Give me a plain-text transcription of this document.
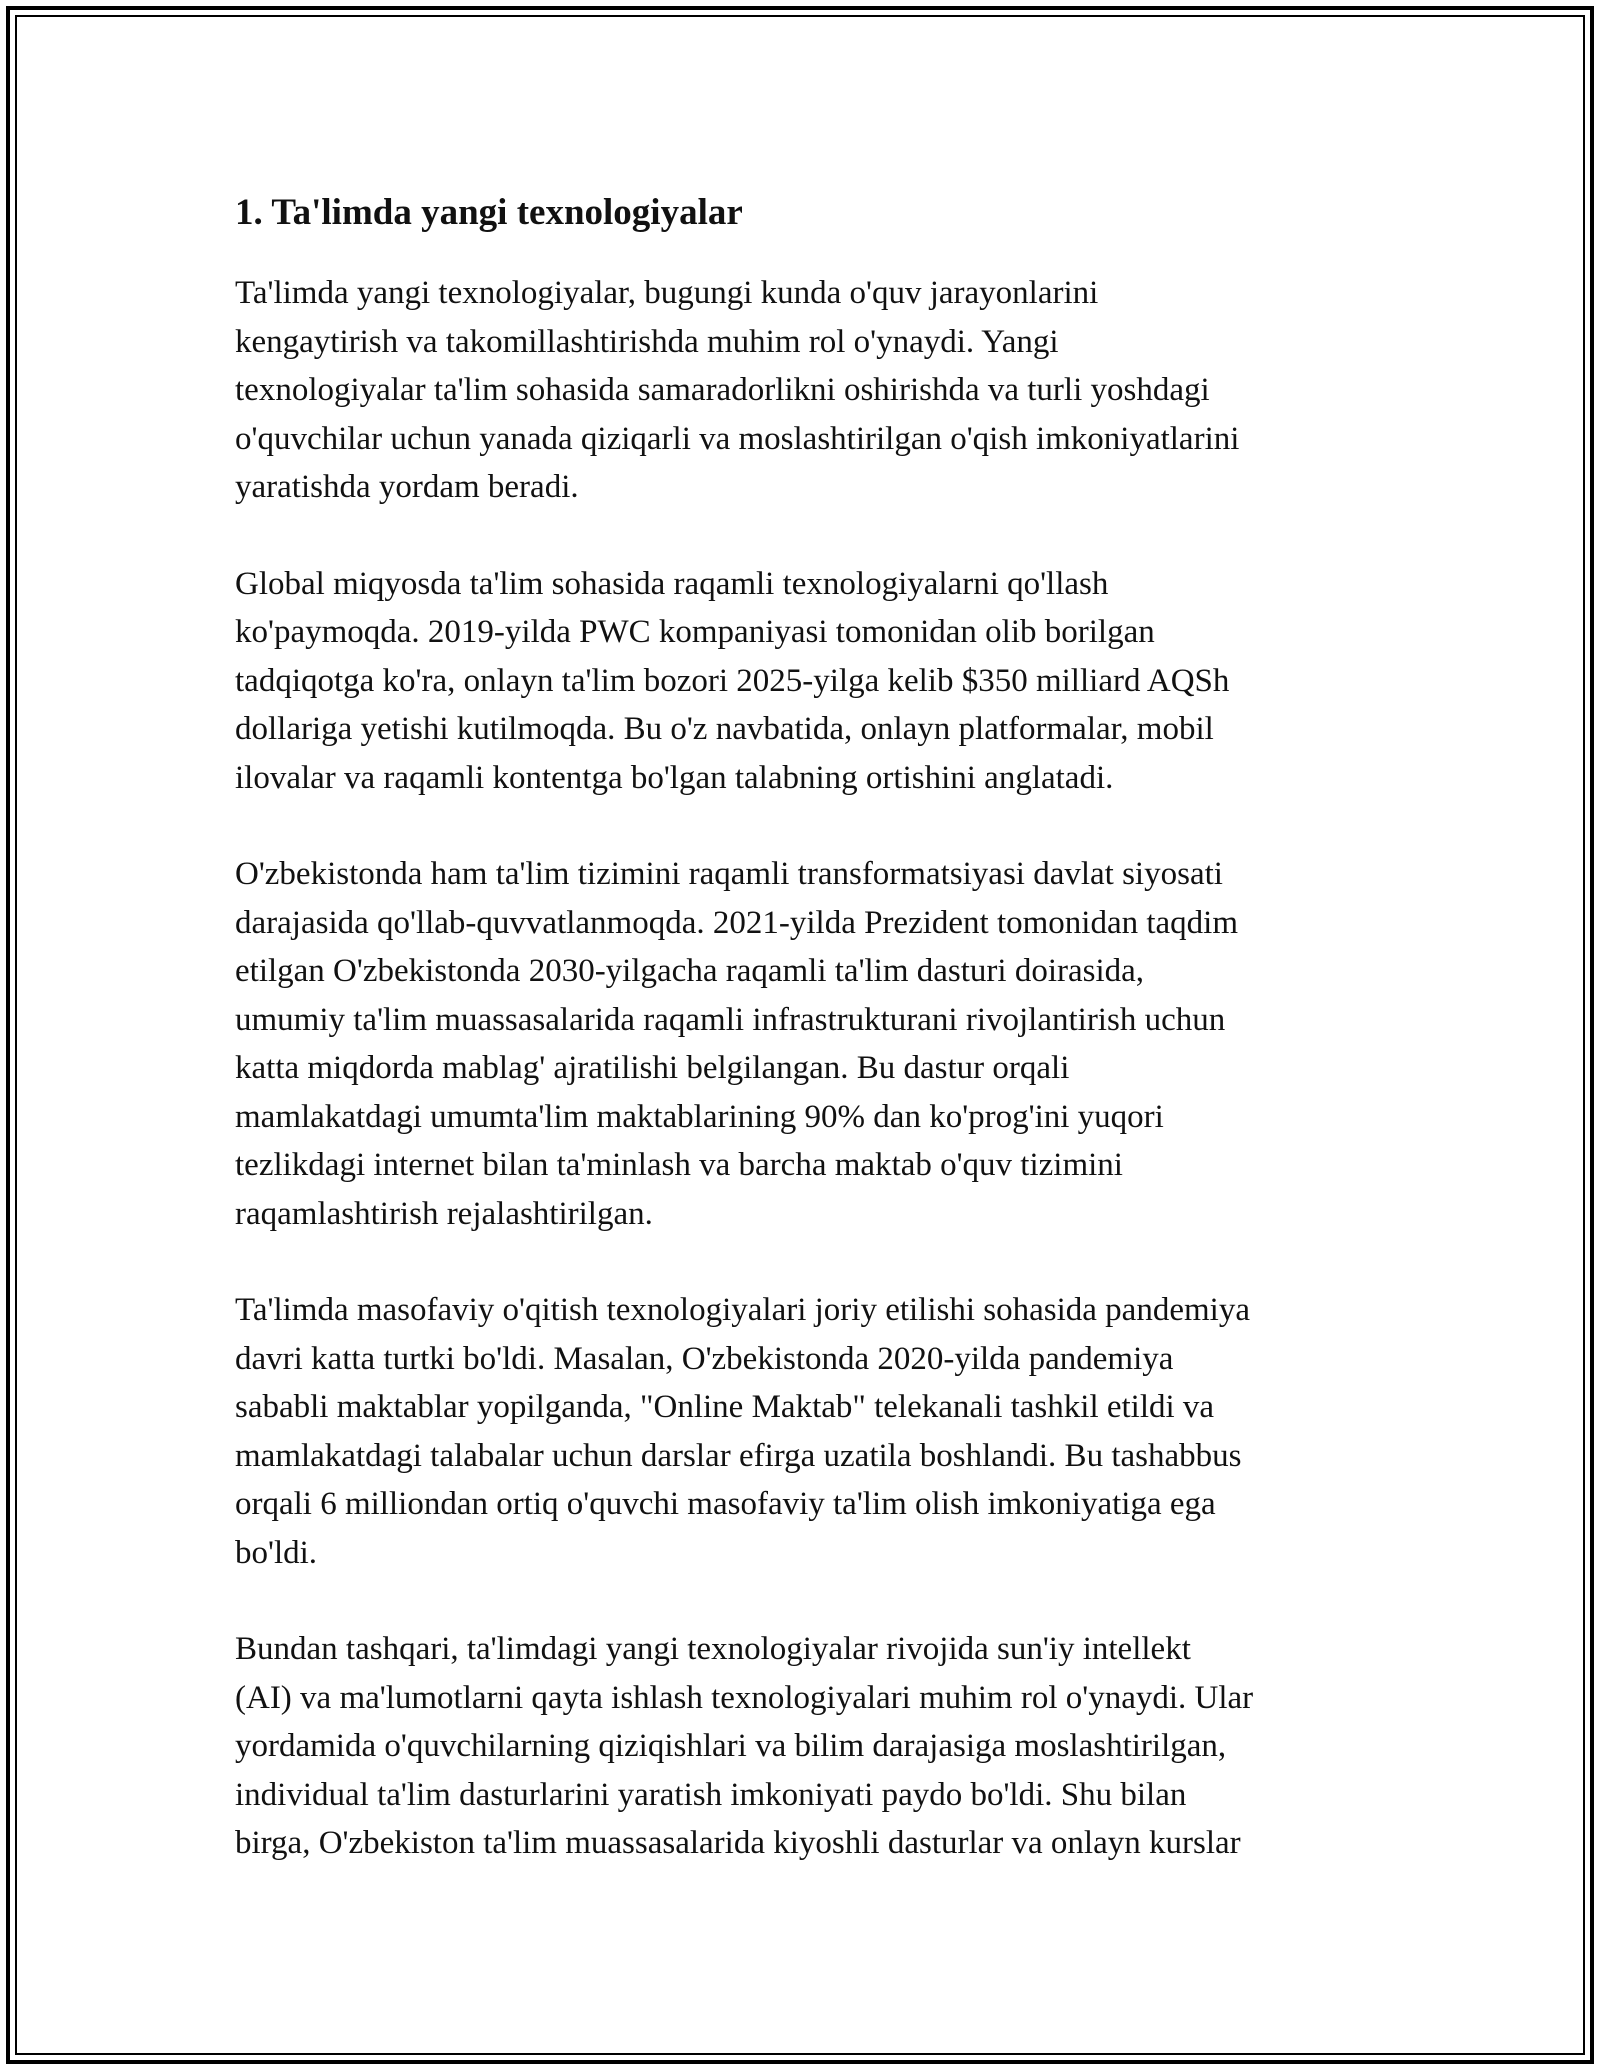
1. Ta'limda yangi texnologiyalar
Ta'limda yangi texnologiyalar, bugungi kunda o'quv jarayonlarini
kengaytirish va takomillashtirishda muhim rol o'ynaydi. Yangi
texnologiyalar ta'lim sohasida samaradorlikni oshirishda va turli yoshdagi
o'quvchilar uchun yanada qiziqarli va moslashtirilgan o'qish imkoniyatlarini
yaratishda yordam beradi.
Global miqyosda ta'lim sohasida raqamli texnologiyalarni qo'llash
ko'paymoqda. 2019-yilda PWC kompaniyasi tomonidan olib borilgan
tadqiqotga ko'ra, onlayn ta'lim bozori 2025-yilga kelib $350 milliard AQSh
dollariga yetishi kutilmoqda. Bu o'z navbatida, onlayn platformalar, mobil
ilovalar va raqamli kontentga bo'lgan talabning ortishini anglatadi.
O'zbekistonda ham ta'lim tizimini raqamli transformatsiyasi davlat siyosati
darajasida qo'llab-quvvatlanmoqda. 2021-yilda Prezident tomonidan taqdim
etilgan O'zbekistonda 2030-yilgacha raqamli ta'lim dasturi doirasida,
umumiy ta'lim muassasalarida raqamli infrastrukturani rivojlantirish uchun
katta miqdorda mablag' ajratilishi belgilangan. Bu dastur orqali
mamlakatdagi umumta'lim maktablarining 90% dan ko'prog'ini yuqori
tezlikdagi internet bilan ta'minlash va barcha maktab o'quv tizimini
raqamlashtirish rejalashtirilgan.
Ta'limda masofaviy o'qitish texnologiyalari joriy etilishi sohasida pandemiya
davri katta turtki bo'ldi. Masalan, O'zbekistonda 2020-yilda pandemiya
sababli maktablar yopilganda, "Online Maktab" telekanali tashkil etildi va
mamlakatdagi talabalar uchun darslar efirga uzatila boshlandi. Bu tashabbus
orqali 6 milliondan ortiq o'quvchi masofaviy ta'lim olish imkoniyatiga ega
bo'ldi.
Bundan tashqari, ta'limdagi yangi texnologiyalar rivojida sun'iy intellekt
(AI) va ma'lumotlarni qayta ishlash texnologiyalari muhim rol o'ynaydi. Ular
yordamida o'quvchilarning qiziqishlari va bilim darajasiga moslashtirilgan,
individual ta'lim dasturlarini yaratish imkoniyati paydo bo'ldi. Shu bilan
birga, O'zbekiston ta'lim muassasalarida kiyoshli dasturlar va onlayn kurslar
